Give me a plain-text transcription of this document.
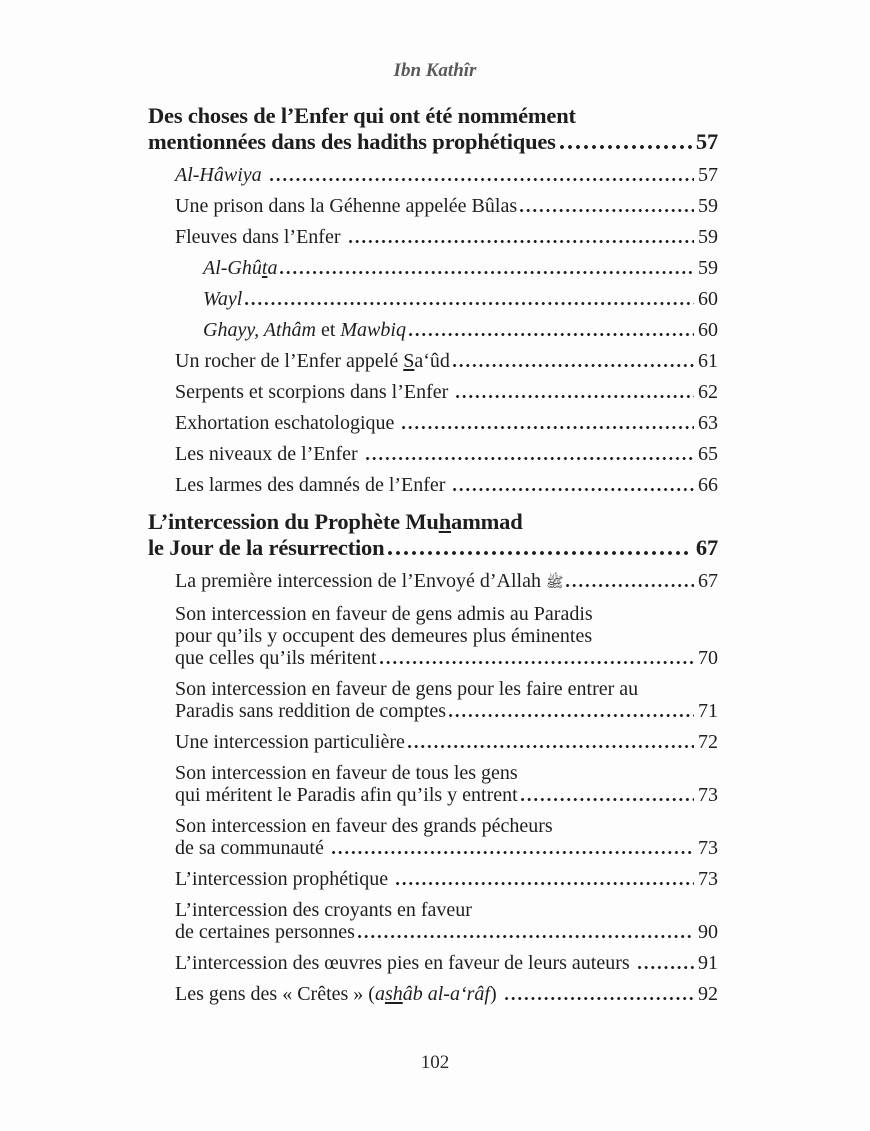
Ibn Kathîr
Des choses de l’Enfer qui ont été nommément
mentionnées dans des hadiths prophétiques	57
Al-Hâwiya	57
Une prison dans la Géhenne appelée Bûlas	59
Fleuves dans l’Enfer	59
Al-Ghûta	59
Wayl	60
Ghayy, Athâm et Mawbiq	60
Un rocher de l’Enfer appelé Sa‘ûd	61
Serpents et scorpions dans l’Enfer	62
Exhortation eschatologique	63
Les niveaux de l’Enfer	65
Les larmes des damnés de l’Enfer	66
L’intercession du Prophète Muhammad
le Jour de la résurrection	67
La première intercession de l’Envoyé d’Allah ﷺ	67
Son intercession en faveur de gens admis au Paradis
pour qu’ils y occupent des demeures plus éminentes
que celles qu’ils méritent	70
Son intercession en faveur de gens pour les faire entrer au
Paradis sans reddition de comptes	71
Une intercession particulière	72
Son intercession en faveur de tous les gens
qui méritent le Paradis afin qu’ils y entrent	73
Son intercession en faveur des grands pécheurs
de sa communauté	73
L’intercession prophétique	73
L’intercession des croyants en faveur
de certaines personnes	90
L’intercession des œuvres pies en faveur de leurs auteurs	91
Les gens des « Crêtes » (ashâb al-a‘râf)	92
102
